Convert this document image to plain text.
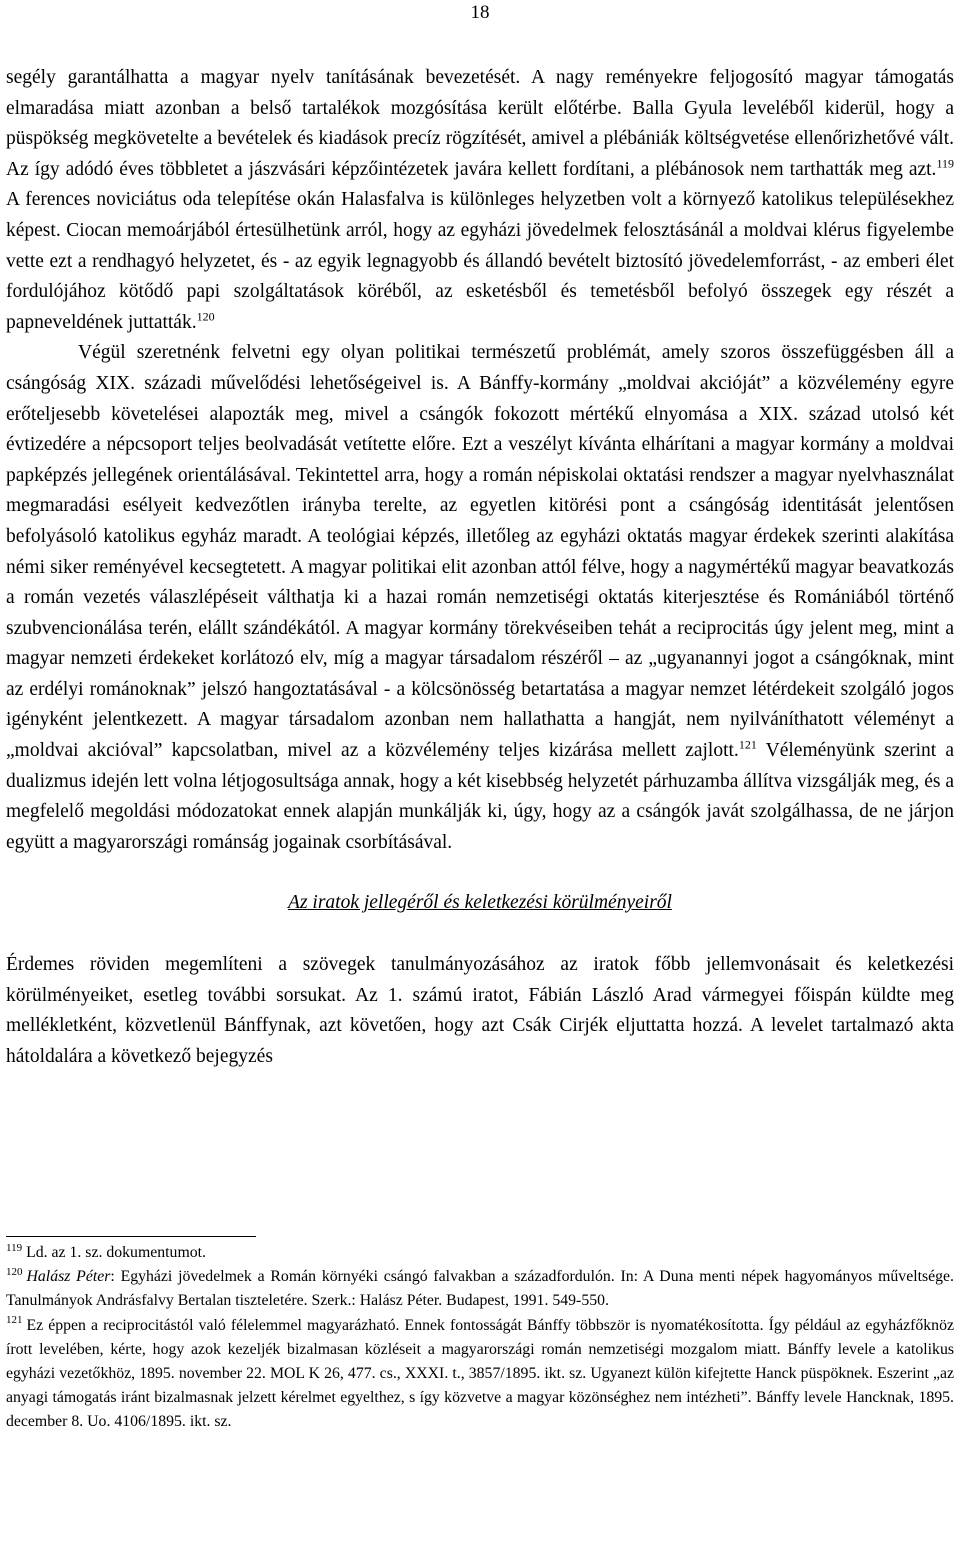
18

segély garantálhatta a magyar nyelv tanításának bevezetését. A nagy reményekre feljogosító magyar támogatás elmaradása miatt azonban a belső tartalékok mozgósítása került előtérbe. Balla Gyula leveléből kiderül, hogy a püspökség megkövetelte a bevételek és kiadások precíz rögzítését, amivel a plébániák költségvetése ellenőrizhetővé vált. Az így adódó éves többletet a jászvásári képzőintézetek javára kellett fordítani, a plébánosok nem tarthatták meg azt.$^{119}$ A ferences noviciátus oda telepítése okán Halasfalva is különleges helyzetben volt a környező katolikus településekhez képest. Ciocan memoárjából értesülhetünk arról, hogy az egyházi jövedelmek felosztásánál a moldvai klérus figyelembe vette ezt a rendhagyó helyzetet, és - az egyik legnagyobb és állandó bevételt biztosító jövedelemforrást, - az emberi élet fordulójához kötődő papi szolgáltatások köréből, az esketésből és temetésből befolyó összegek egy részét a papneveldének juttatták.$^{120}$

Végül szeretnénk felvetni egy olyan politikai természetű problémát, amely szoros összefüggésben áll a csángóság XIX. századi művelődési lehetőségeivel is. A Bánffy-kormány „moldvai akcióját” a közvélemény egyre erőteljesebb követelései alapozták meg, mivel a csángók fokozott mértékű elnyomása a XIX. század utolsó két évtizedére a népcsoport teljes beolvadását vetítette előre. Ezt a veszélyt kívánta elhárítani a magyar kormány a moldvai papképzés jellegének orientálásával. Tekintettel arra, hogy a román népiskolai oktatási rendszer a magyar nyelvhasználat megmaradási esélyeit kedvezőtlen irányba terelte, az egyetlen kitörési pont a csángóság identitását jelentősen befolyásoló katolikus egyház maradt. A teológiai képzés, illetőleg az egyházi oktatás magyar érdekek szerinti alakítása némi siker reményével kecsegtetett. A magyar politikai elit azonban attól félve, hogy a nagymértékű magyar beavatkozás a román vezetés válaszlépéseit válthatja ki a hazai román nemzetiségi oktatás kiterjesztése és Romániából történő szubvencionálása terén, elállt szándékától. A magyar kormány törekvéseiben tehát a reciprocitás úgy jelent meg, mint a magyar nemzeti érdekeket korlátozó elv, míg a magyar társadalom részéről – az „ugyanannyi jogot a csángóknak, mint az erdélyi románoknak” jelszó hangoztatásával - a kölcsönösség betartatása a magyar nemzet létérdekeit szolgáló jogos igényként jelentkezett. A magyar társadalom azonban nem hallathatta a hangját, nem nyilváníthatott véleményt a „moldvai akcióval” kapcsolatban, mivel az a közvélemény teljes kizárása mellett zajlott.$^{121}$ Véleményünk szerint a dualizmus idején lett volna létjogosultsága annak, hogy a két kisebbség helyzetét párhuzamba állítva vizsgálják meg, és a megfelelő megoldási módozatokat ennek alapján munkálják ki, úgy, hogy az a csángók javát szolgálhassa, de ne járjon együtt a magyarországi románság jogainak csorbításával.

Az iratok jellegéről és keletkezési körülményeiről

Érdemes röviden megemlíteni a szövegek tanulmányozásához az iratok főbb jellemvonásait és keletkezési körülményeiket, esetleg további sorsukat. Az 1. számú iratot, Fábián László Arad vármegyei főispán küldte meg mellékletként, közvetlenül Bánffynak, azt követően, hogy azt Csák Cirjék eljuttatta hozzá. A levelet tartalmazó akta hátoldalára a következő bejegyzés

$^{119}$ Ld. az 1. sz. dokumentumot.

$^{120}$ Halász Péter: Egyházi jövedelmek a Román környéki csángó falvakban a századfordulón. In: A Duna menti népek hagyományos műveltsége. Tanulmányok Andrásfalvy Bertalan tiszteletére. Szerk.: Halász Péter. Budapest, 1991. 549-550.

$^{121}$ Ez éppen a reciprocitástól való félelemmel magyarázható. Ennek fontosságát Bánffy többször is nyomatékosította. Így például az egyházfőknöz írott levelében, kérte, hogy azok kezeljék bizalmasan közléseit a magyarországi román nemzetiségi mozgalom miatt. Bánffy levele a katolikus egyházi vezetőkhöz, 1895. november 22. MOL K 26, 477. cs., XXXI. t., 3857/1895. ikt. sz. Ugyanezt külön kifejtette Hanck püspöknek. Eszerint „az anyagi támogatás iránt bizalmasnak jelzett kérelmet egyelthez, s így közvetve a magyar közönséghez nem intézheti”. Bánffy levele Hancknak, 1895. december 8. Uo. 4106/1895. ikt. sz.
